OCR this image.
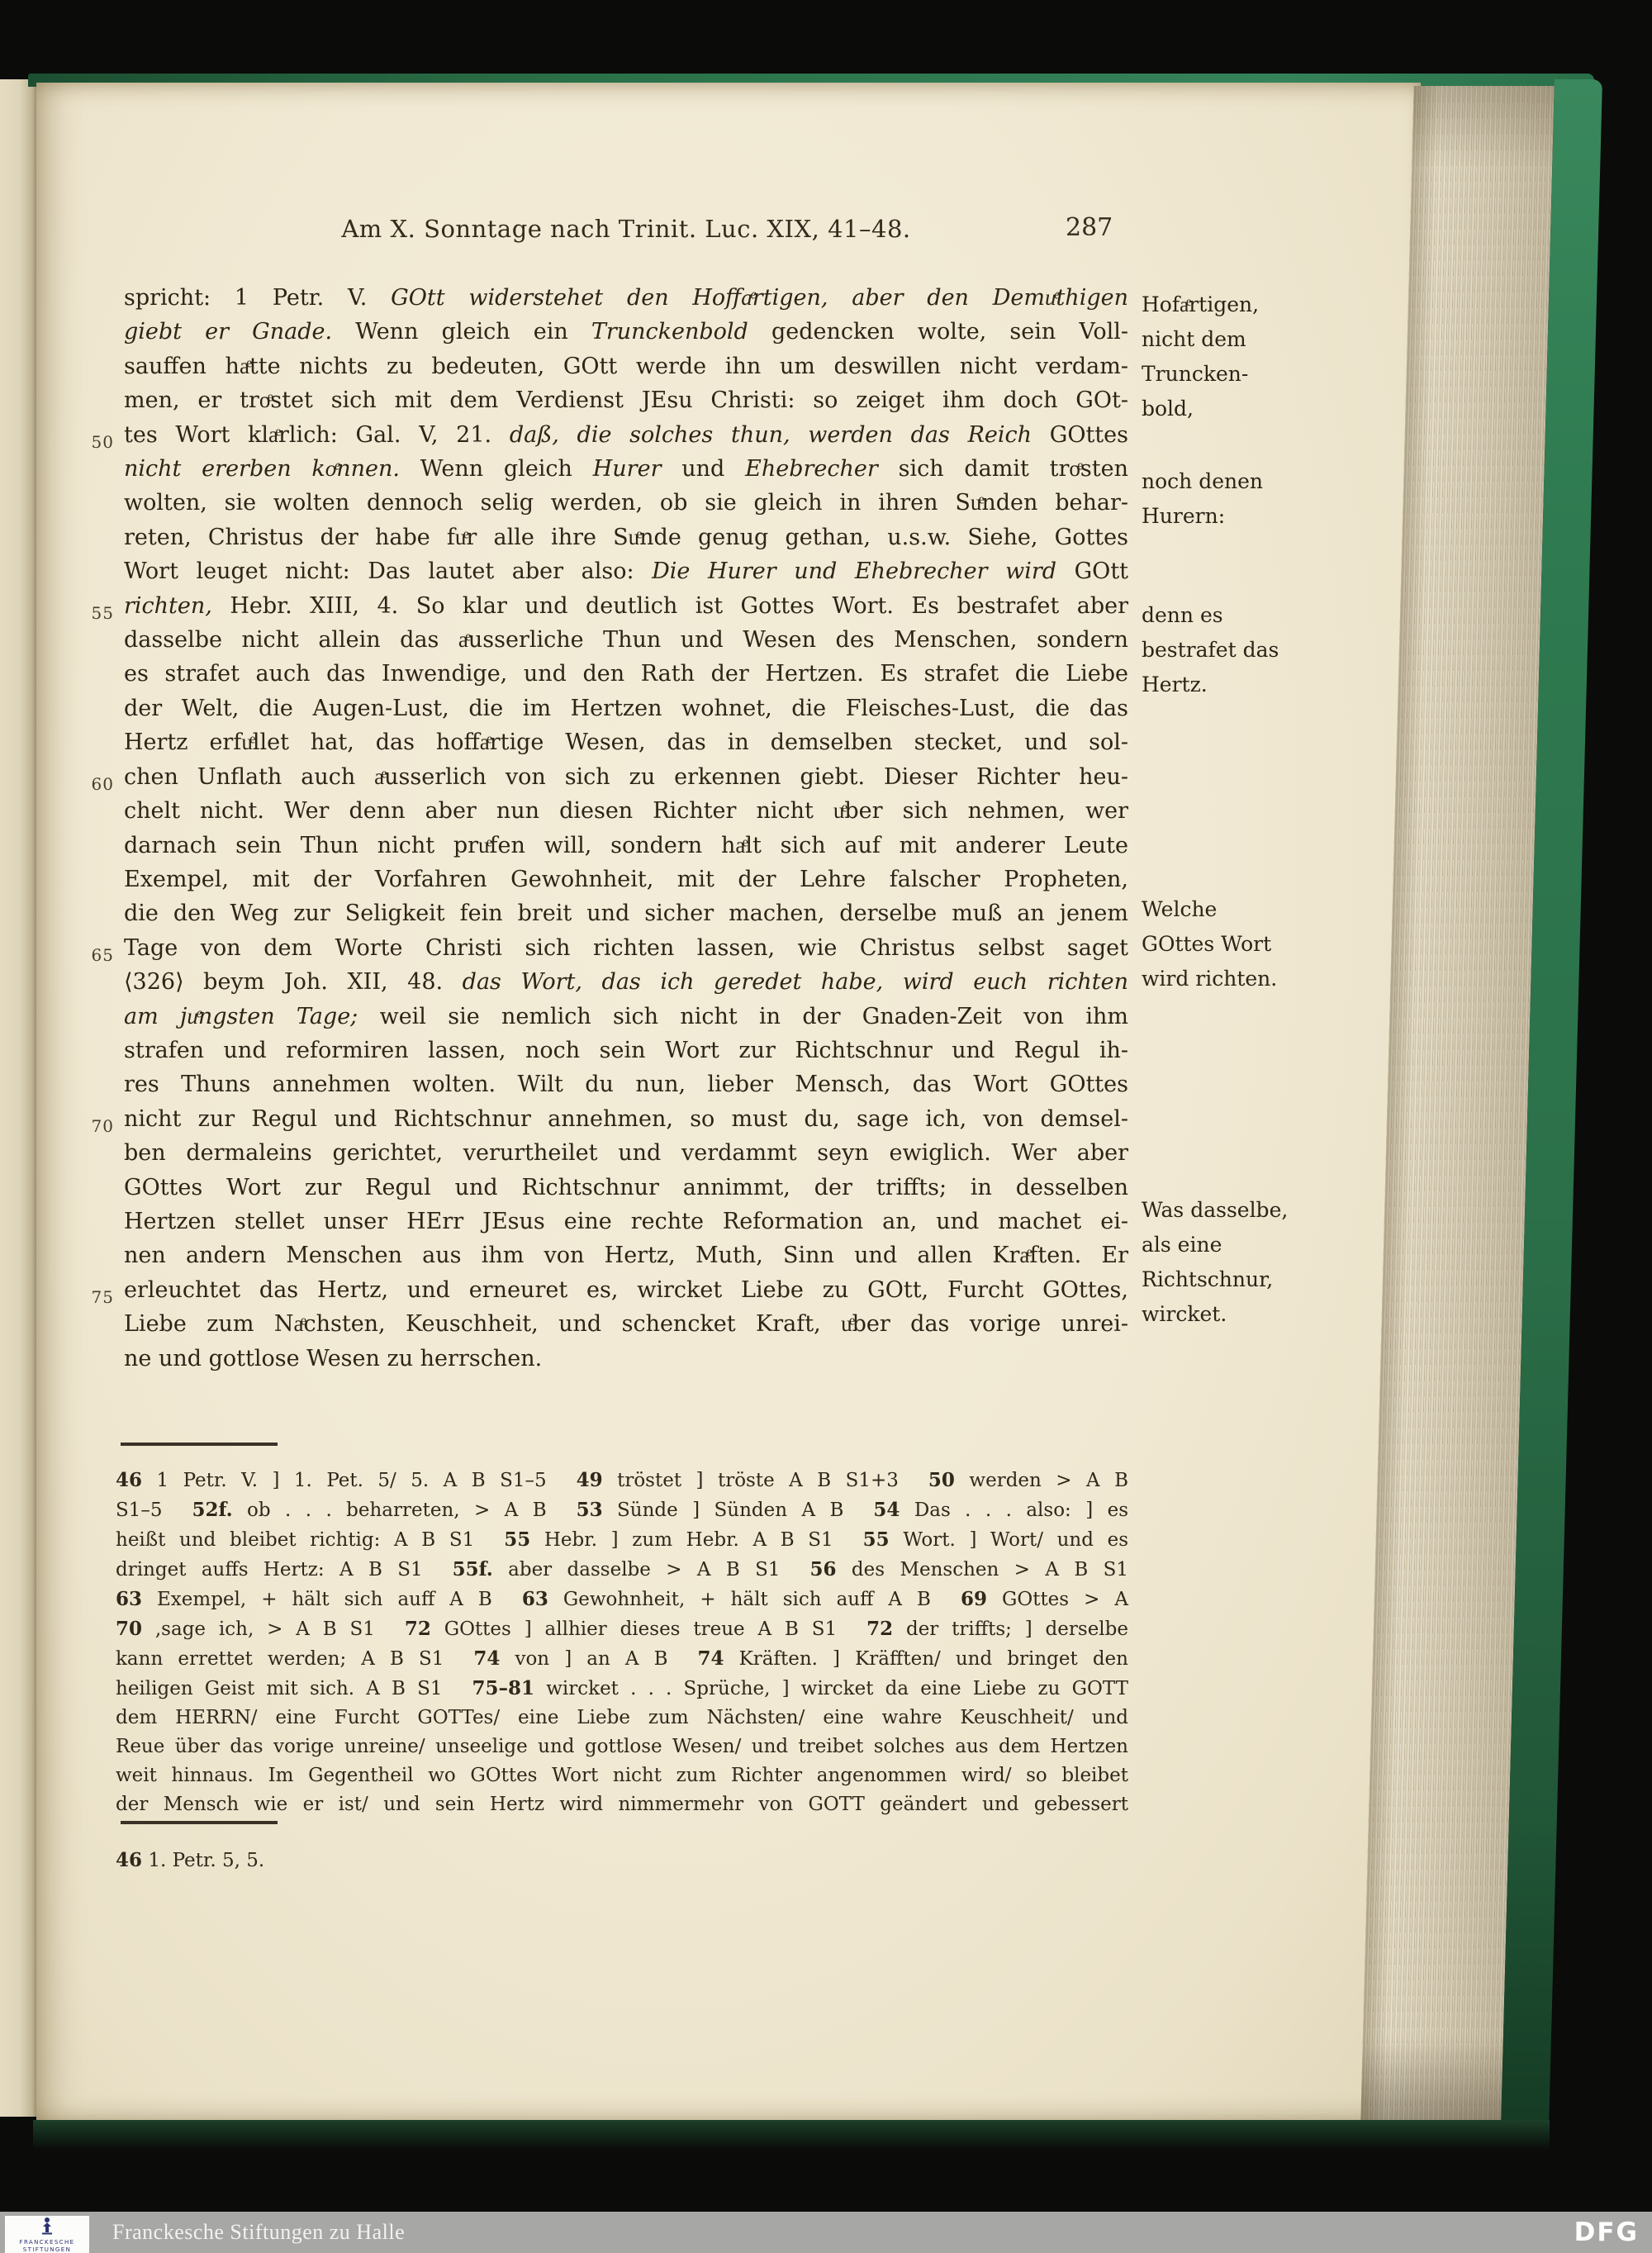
Am X. Sonntage nach Trinit. Luc. XIX, 41–48.	287
spricht: 1 Petr. V. GOtt widerstehet den Hoffaͤrtigen, aber den Demuͤthigen
giebt er Gnade. Wenn gleich ein Trunckenbold gedencken wolte, sein Voll-
sauffen haͤtte nichts zu bedeuten, GOtt werde ihn um deswillen nicht verdam-
men, er troͤstet sich mit dem Verdienst JEsu Christi: so zeiget ihm doch GOt-
50 tes Wort klaͤrlich: Gal. V, 21. daß, die solches thun, werden das Reich GOttes
nicht ererben koͤnnen. Wenn gleich Hurer und Ehebrecher sich damit troͤsten
wolten, sie wolten dennoch selig werden, ob sie gleich in ihren Suͤnden behar-
reten, Christus der habe fuͤr alle ihre Suͤnde genug gethan, u.s.w. Siehe, Gottes
Wort leuget nicht: Das lautet aber also: Die Hurer und Ehebrecher wird GOtt
55 richten, Hebr. XIII, 4. So klar und deutlich ist Gottes Wort. Es bestrafet aber
dasselbe nicht allein das aͤusserliche Thun und Wesen des Menschen, sondern
es strafet auch das Inwendige, und den Rath der Hertzen. Es strafet die Liebe
der Welt, die Augen-Lust, die im Hertzen wohnet, die Fleisches-Lust, die das
Hertz erfuͤllet hat, das hoffaͤrtige Wesen, das in demselben stecket, und sol-
60 chen Unflath auch aͤusserlich von sich zu erkennen giebt. Dieser Richter heu-
chelt nicht. Wer denn aber nun diesen Richter nicht uͤber sich nehmen, wer
darnach sein Thun nicht pruͤfen will, sondern haͤlt sich auf mit anderer Leute
Exempel, mit der Vorfahren Gewohnheit, mit der Lehre falscher Propheten,
die den Weg zur Seligkeit fein breit und sicher machen, derselbe muß an jenem
65 Tage von dem Worte Christi sich richten lassen, wie Christus selbst saget
⟨326⟩ beym Joh. XII, 48. das Wort, das ich geredet habe, wird euch richten
am juͤngsten Tage; weil sie nemlich sich nicht in der Gnaden-Zeit von ihm
strafen und reformiren lassen, noch sein Wort zur Richtschnur und Regul ih-
res Thuns annehmen wolten. Wilt du nun, lieber Mensch, das Wort GOttes
70 nicht zur Regul und Richtschnur annehmen, so must du, sage ich, von demsel-
ben dermaleins gerichtet, verurtheilet und verdammt seyn ewiglich. Wer aber
GOttes Wort zur Regul und Richtschnur annimmt, der triffts; in desselben
Hertzen stellet unser HErr JEsus eine rechte Reformation an, und machet ei-
nen andern Menschen aus ihm von Hertz, Muth, Sinn und allen Kraͤften. Er
75 erleuchtet das Hertz, und erneuret es, wircket Liebe zu GOtt, Furcht GOttes,
Liebe zum Naͤchsten, Keuschheit, und schencket Kraft, uͤber das vorige unrei-
ne und gottlose Wesen zu herrschen.
Hofaͤrtigen,
nicht dem
Truncken-
bold,
noch denen
Hurern:
denn es
bestrafet das
Hertz.
Welche
GOttes Wort
wird richten.
Was dasselbe,
als eine
Richtschnur,
wircket.
46 1 Petr. V. ] 1. Pet. 5/ 5. A B S1–5 49 tröstet ] tröste A B S1+3 50 werden > A B
S1–5 52f. ob . . . beharreten, > A B 53 Sünde ] Sünden A B 54 Das . . . also: ] es
heißt und bleibet richtig: A B S1 55 Hebr. ] zum Hebr. A B S1 55 Wort. ] Wort/ und es
dringet auffs Hertz: A B S1 55f. aber dasselbe > A B S1 56 des Menschen > A B S1
63 Exempel, + hält sich auff A B 63 Gewohnheit, + hält sich auff A B 69 GOttes > A
70 ,sage ich, > A B S1 72 GOttes ] allhier dieses treue A B S1 72 der triffts; ] derselbe
kann errettet werden; A B S1 74 von ] an A B 74 Kräften. ] Kräfften/ und bringet den
heiligen Geist mit sich. A B S1 75–81 wircket . . . Sprüche, ] wircket da eine Liebe zu GOTT
dem HERRN/ eine Furcht GOTTes/ eine Liebe zum Nächsten/ eine wahre Keuschheit/ und
Reue über das vorige unreine/ unseelige und gottlose Wesen/ und treibet solches aus dem Hertzen
weit hinnaus. Im Gegentheil wo GOttes Wort nicht zum Richter angenommen wird/ so bleibet
der Mensch wie er ist/ und sein Hertz wird nimmermehr von GOTT geändert und gebessert
46 1. Petr. 5, 5.
FRANCKESCHE
STIFTUNGEN
Franckesche Stiftungen zu Halle	DFG
